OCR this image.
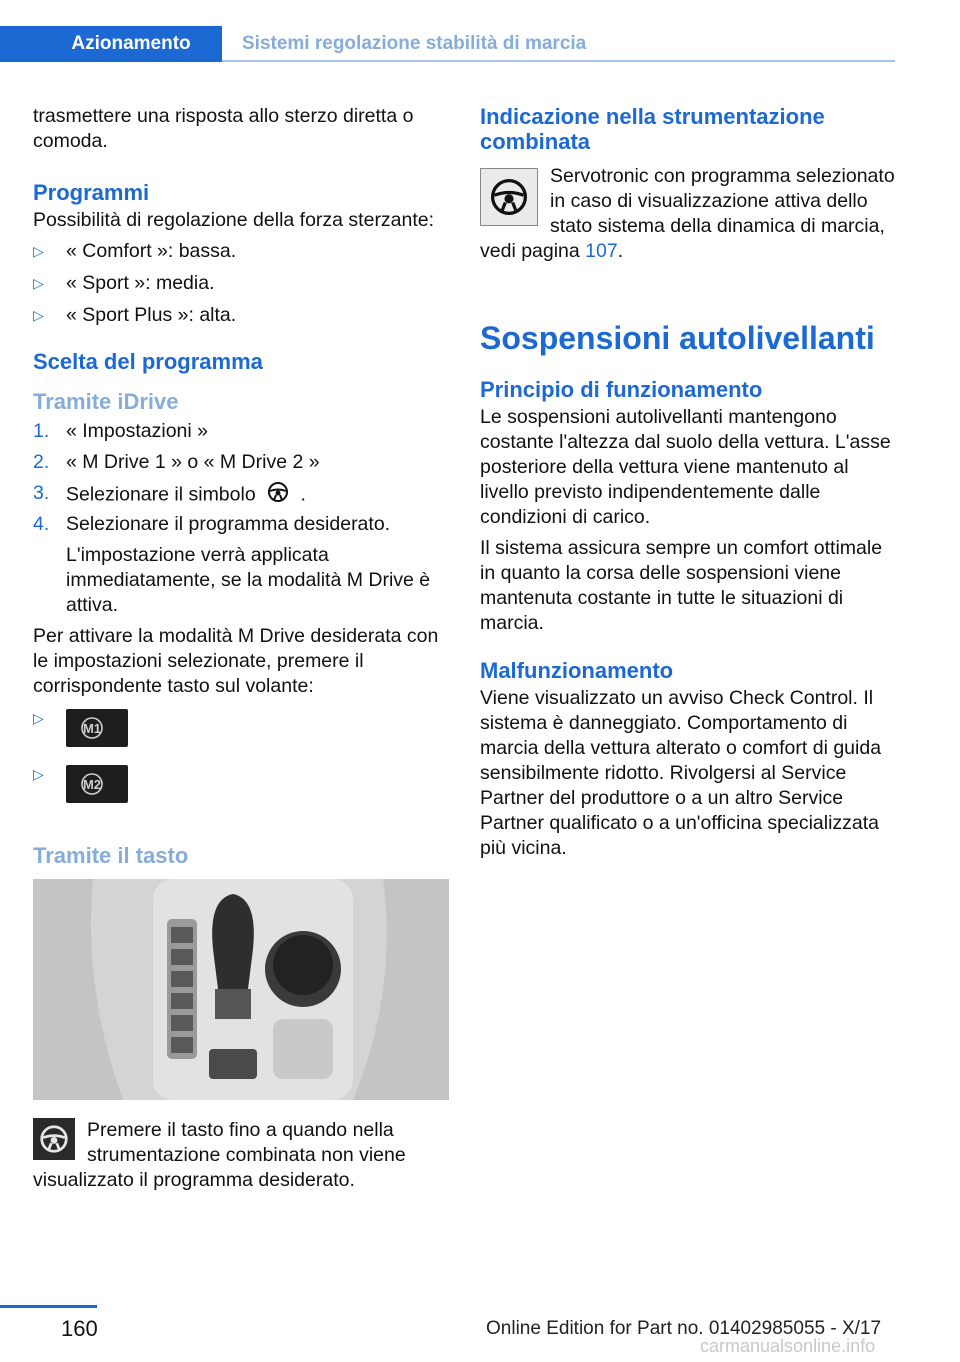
Azionamento	Sistemi regolazione stabilità di marcia

trasmettere una risposta allo sterzo diretta o comoda.

Programmi

Possibilità di regolazione della forza sterzante:

▷	« Comfort »: bassa.
▷	« Sport »: media.
▷	« Sport Plus »: alta.
Scelta del programma
Tramite iDrive
1. « Impostazioni »
2. « M Drive 1 » o « M Drive 2 »
3. Selezionare il simbolo .
4. Selezionare il programma desiderato.
L'impostazione verrà applicata immediatamente, se la modalità M Drive è attiva.

Per attivare la modalità M Drive desiderata con le impostazioni selezionate, premere il corrispondente tasto sul volante:

▷
M1
▷
M2
Tramite il tasto

Premere il tasto fino a quando nella strumentazione combinata non viene visualizzato il programma desiderato.

Indicazione nella strumentazione combinata

Servotronic con programma selezionato in caso di visualizzazione attiva dello stato sistema della dinamica di marcia, vedi pagina 107.

Sospensioni autolivellanti
Principio di funzionamento

Le sospensioni autolivellanti mantengono costante l'altezza dal suolo della vettura. L'asse posteriore della vettura viene mantenuto al livello previsto indipendentemente dalle condizioni di carico.

Il sistema assicura sempre un comfort ottimale in quanto la corsa delle sospensioni viene mantenuta costante in tutte le situazioni di marcia.

Malfunzionamento

Viene visualizzato un avviso Check Control. Il sistema è danneggiato. Comportamento di marcia della vettura alterato o comfort di guida sensibilmente ridotto. Rivolgersi al Service Partner del produttore o a un altro Service Partner qualificato o a un'officina specializzata più vicina.

160	Online Edition for Part no. 01402985055 - X/17
carmanualsonline.info
